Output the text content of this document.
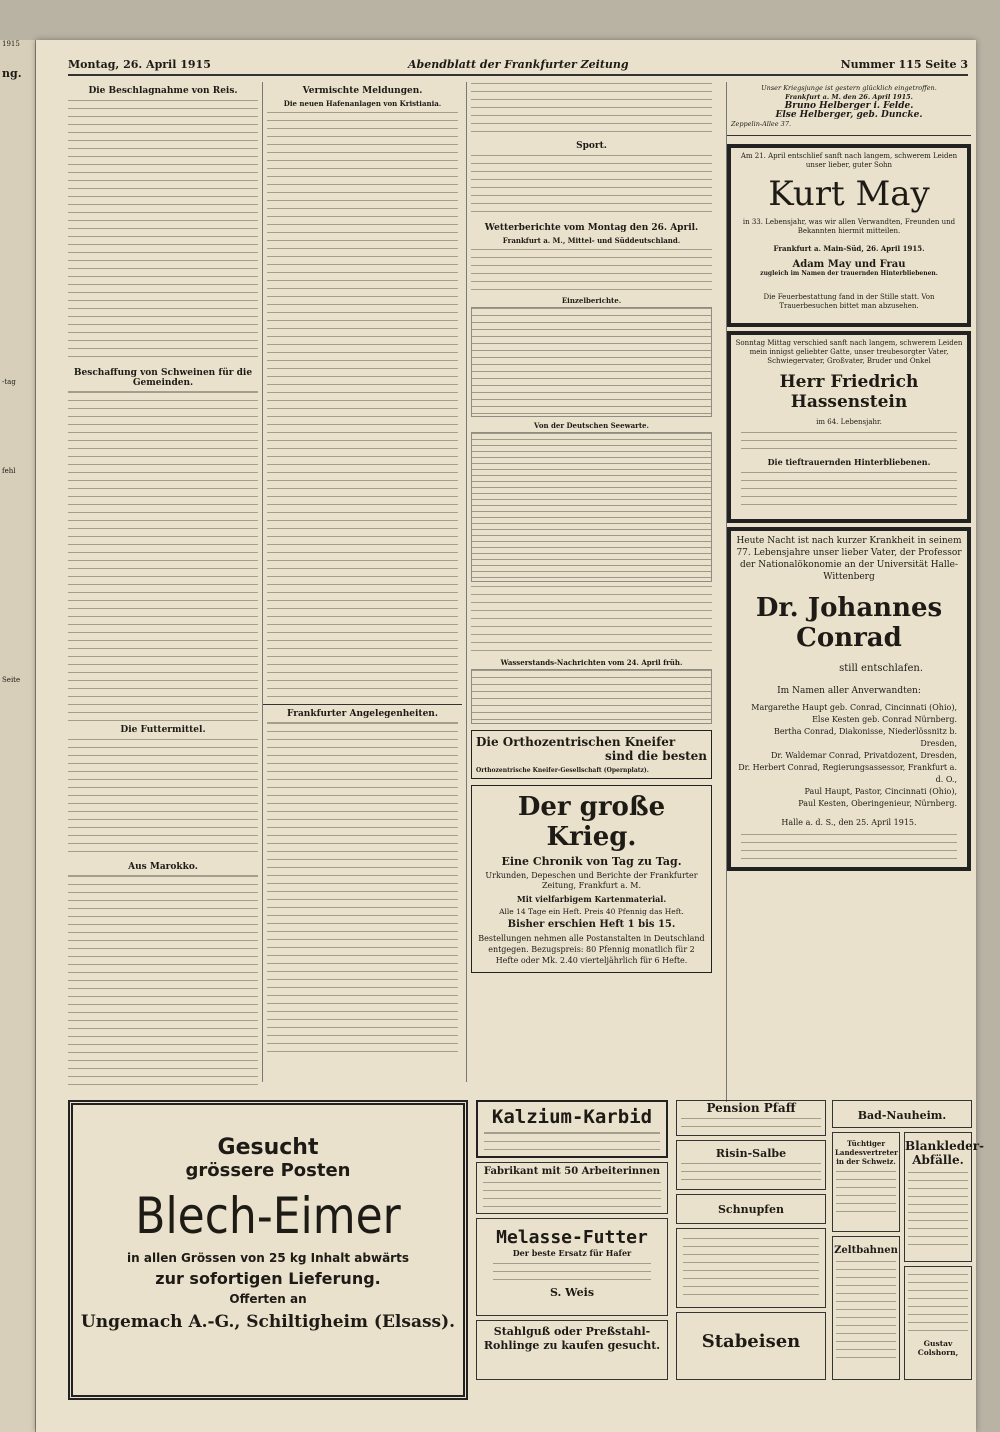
1915
ng.
-tag
fehl
Seite
Montag, 26. April 1915	Abendblatt der Frankfurter Zeitung	Nummer 115 Seite 3
Die Beschlagnahme von Reis.
Beschaffung von Schweinen für die Gemeinden.
Die Futtermittel.
Aus Marokko.
Vermischte Meldungen.
Die neuen Hafenanlagen von Kristiania.
Frankfurter Angelegenheiten.
Sport.
Wetterberichte vom Montag den 26. April.
Frankfurt a. M., Mittel- und Süddeutschland.
Einzelberichte.
Von der Deutschen Seewarte.
Wasserstands-Nachrichten vom 24. April früh.
Die Orthozentrischen Kneifer
sind die besten
Orthozentrische Kneifer-Gesellschaft (Opernplatz).
Der große Krieg.
Eine Chronik von Tag zu Tag.
Urkunden, Depeschen und Berichte der Frankfurter Zeitung, Frankfurt a. M.
Mit vielfarbigem Kartenmaterial.
Alle 14 Tage ein Heft. Preis 40 Pfennig das Heft.
Bisher erschien Heft 1 bis 15.
Bestellungen nehmen alle Postanstalten in Deutschland entgegen. Bezugspreis: 80 Pfennig monatlich für 2 Hefte oder Mk. 2.40 vierteljährlich für 6 Hefte.
Unser Kriegsjunge ist gestern glücklich eingetroffen.
Frankfurt a. M. den 26. April 1915.
Bruno Helberger i. Felde.
Else Helberger, geb. Duncke.
Zeppelin-Allee 37.
Am 21. April entschlief sanft nach langem, schwerem Leiden unser lieber, guter Sohn
Kurt May
in 33. Lebensjahr, was wir allen Verwandten, Freunden und Bekannten hiermit mitteilen.
Frankfurt a. Main-Süd, 26. April 1915.
Adam May und Frau
zugleich im Namen der trauernden Hinterbliebenen.
Die Feuerbestattung fand in der Stille statt. Von Trauerbesuchen bittet man abzusehen.
Sonntag Mittag verschied sanft nach langem, schwerem Leiden mein innigst geliebter Gatte, unser treubesorgter Vater, Schwiegervater, Großvater, Bruder und Onkel
Herr Friedrich Hassenstein
im 64. Lebensjahr.
Die tieftrauernden Hinterbliebenen.
Heute Nacht ist nach kurzer Krankheit in seinem 77. Lebensjahre unser lieber Vater, der Professor der Nationalökonomie an der Universität Halle-Wittenberg
Dr. Johannes Conrad
still entschlafen.
Im Namen aller Anverwandten:
Margarethe Haupt geb. Conrad, Cincinnati (Ohio),
Else Kesten geb. Conrad Nürnberg.
Bertha Conrad, Diakonisse, Niederlössnitz b. Dresden,
Dr. Waldemar Conrad, Privatdozent, Dresden,
Dr. Herbert Conrad, Regierungsassessor, Frankfurt a. d. O.,
Paul Haupt, Pastor, Cincinnati (Ohio),
Paul Kesten, Oberingenieur, Nürnberg.
Halle a. d. S., den 25. April 1915.
Gesucht
grössere Posten
Blech-Eimer
in allen Grössen von 25 kg Inhalt abwärts
zur sofortigen Lieferung.
Offerten an
Ungemach A.-G., Schiltigheim (Elsass).
Kalzium-Karbid
Fabrikant mit 50 Arbeiterinnen
Melasse-Futter
Der beste Ersatz für Hafer
S. Weis
Stahlguß oder Preßstahl-Rohlinge zu kaufen gesucht.
Pension Pfaff
Risin-Salbe
Schnupfen
Stabeisen
Bad-Nauheim.
Tüchtiger Landesvertreter in der Schweiz.
Blankleder-Abfälle.
Zeltbahnen
Gustav Colshorn,
